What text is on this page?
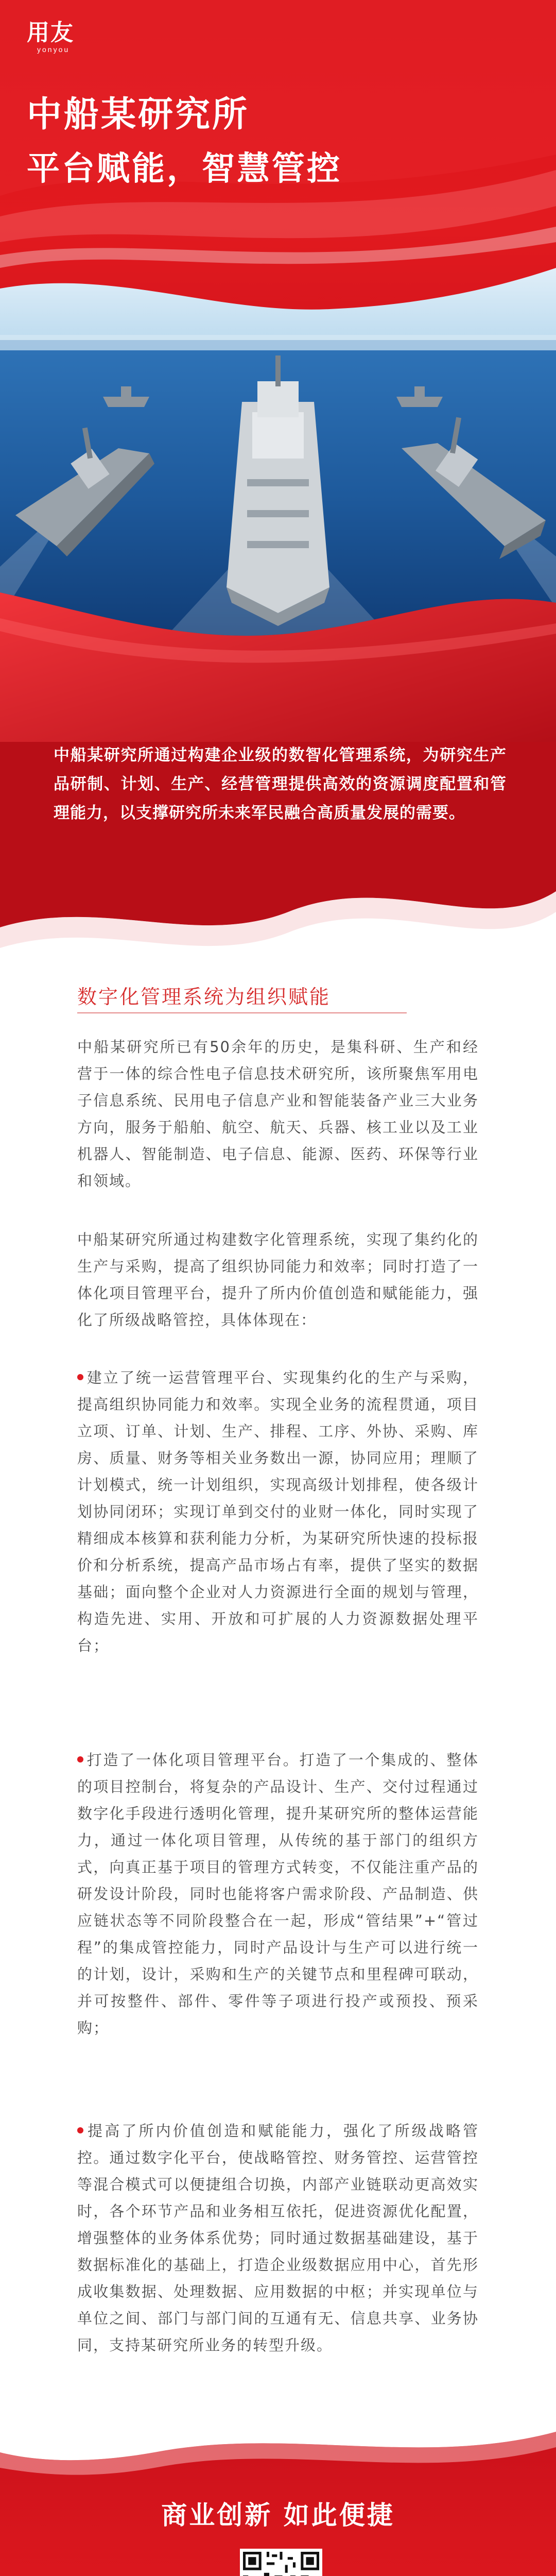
用友
yonyou
中船某研究所
平台赋能，智慧管控
中船某研究所通过构建企业级的数智化管理系统，为研究生产品研制、计划、生产、经营管理提供高效的资源调度配置和管理能力，以支撑研究所未来军民融合高质量发展的需要。
数字化管理系统为组织赋能
中船某研究所已有50余年的历史，是集科研、生产和经营于一体的综合性电子信息技术研究所，该所聚焦军用电子信息系统、民用电子信息产业和智能装备产业三大业务方向，服务于船舶、航空、航天、兵器、核工业以及工业机器人、智能制造、电子信息、能源、医药、环保等行业和领域。
中船某研究所通过构建数字化管理系统，实现了集约化的生产与采购，提高了组织协同能力和效率；同时打造了一体化项目管理平台，提升了所内价值创造和赋能能力，强化了所级战略管控，具体体现在：
建立了统一运营管理平台、实现集约化的生产与采购，提高组织协同能力和效率。实现全业务的流程贯通，项目立项、订单、计划、生产、排程、工序、外协、采购、库房、质量、财务等相关业务数出一源，协同应用；理顺了计划模式，统一计划组织，实现高级计划排程，使各级计划协同闭环；实现订单到交付的业财一体化，同时实现了精细成本核算和获利能力分析，为某研究所快速的投标报价和分析系统，提高产品市场占有率，提供了坚实的数据基础；面向整个企业对人力资源进行全面的规划与管理，构造先进、实用、开放和可扩展的人力资源数据处理平台；
打造了一体化项目管理平台。打造了一个集成的、整体的项目控制台，将复杂的产品设计、生产、交付过程通过数字化手段进行透明化管理，提升某研究所的整体运营能力，通过一体化项目管理，从传统的基于部门的组织方式，向真正基于项目的管理方式转变，不仅能注重产品的研发设计阶段，同时也能将客户需求阶段、产品制造、供应链状态等不同阶段整合在一起，形成“管结果”+“管过程”的集成管控能力，同时产品设计与生产可以进行统一的计划，设计，采购和生产的关键节点和里程碑可联动，并可按整件、部件、零件等子项进行投产或预投、预采购；
提高了所内价值创造和赋能能力，强化了所级战略管控。通过数字化平台，使战略管控、财务管控、运营管控等混合模式可以便捷组合切换，内部产业链联动更高效实时，各个环节产品和业务相互依托，促进资源优化配置，增强整体的业务体系优势；同时通过数据基础建设，基于数据标准化的基础上，打造企业级数据应用中心，首先形成收集数据、处理数据、应用数据的中枢；并实现单位与单位之间、部门与部门间的互通有无、信息共享、业务协同，支持某研究所业务的转型升级。
商业创新 如此便捷
